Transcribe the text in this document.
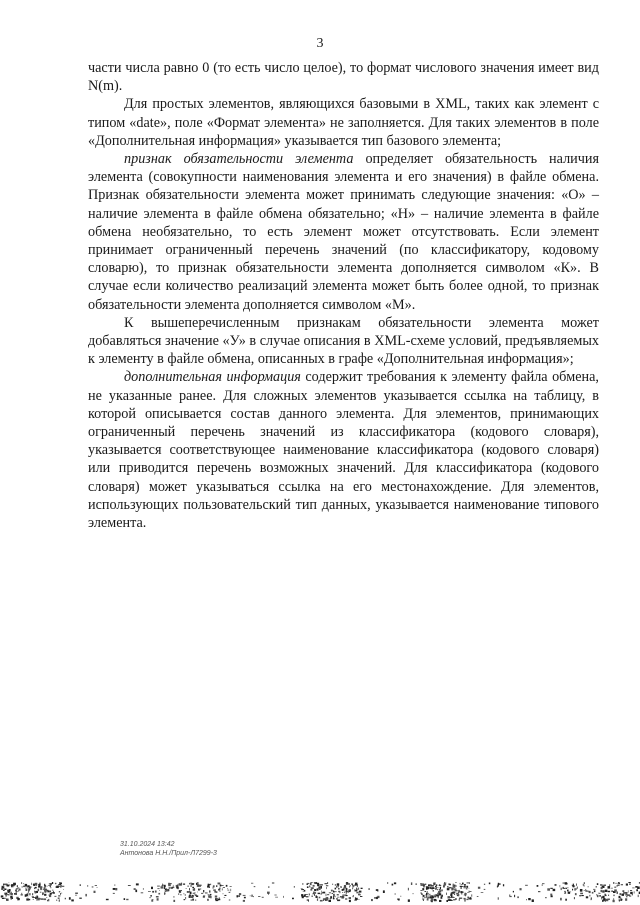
3

части числа равно 0 (то есть число целое), то формат числового значения имеет вид N(m).

Для простых элементов, являющихся базовыми в XML, таких как элемент с типом «date», поле «Формат элемента» не заполняется. Для таких элементов в поле «Дополнительная информация» указывается тип базового элемента;

признак обязательности элемента определяет обязательность наличия элемента (совокупности наименования элемента и его значения) в файле обмена. Признак обязательности элемента может принимать следующие значения: «О» – наличие элемента в файле обмена обязательно; «Н» – наличие элемента в файле обмена необязательно, то есть элемент может отсутствовать. Если элемент принимает ограниченный перечень значений (по классификатору, кодовому словарю), то признак обязательности элемента дополняется символом «К». В случае если количество реализаций элемента может быть более одной, то признак обязательности элемента дополняется символом «М».

К вышеперечисленным признакам обязательности элемента может добавляться значение «У» в случае описания в XML-схеме условий, предъявляемых к элементу в файле обмена, описанных в графе «Дополнительная информация»;

дополнительная информация содержит требования к элементу файла обмена, не указанные ранее. Для сложных элементов указывается ссылка на таблицу, в которой описывается состав данного элемента. Для элементов, принимающих ограниченный перечень значений из классификатора (кодового словаря), указывается соответствующее наименование классификатора (кодового словаря) или приводится перечень возможных значений. Для классификатора (кодового словаря) может указываться ссылка на его местонахождение. Для элементов, использующих пользовательский тип данных, указывается наименование типового элемента.

31.10.2024 13:42
Антонова Н.Н./Прил-Л7299-3
